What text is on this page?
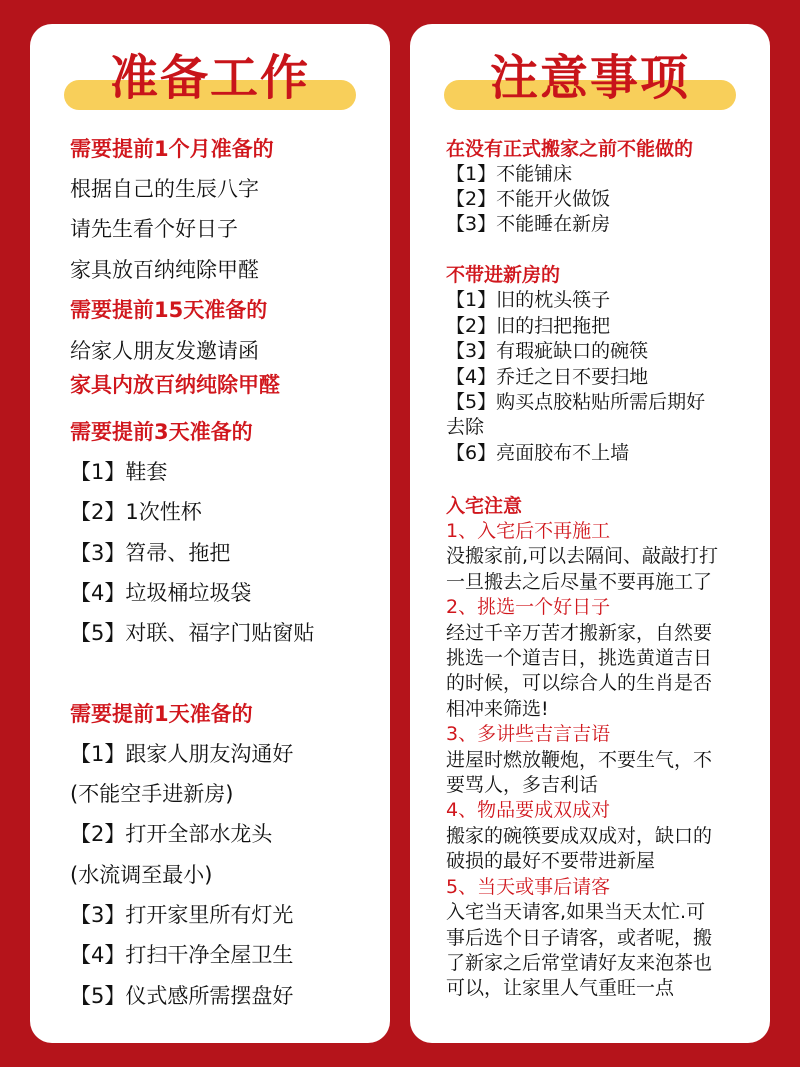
准备工作
需要提前1个月准备的
根据自己的生辰八字
请先生看个好日子
家具放百纳纯除甲醛
需要提前15天准备的
给家人朋友发邀请函
家具内放百纳纯除甲醛
需要提前3天准备的
【1】鞋套
【2】1次性杯
【3】笤帚、拖把
【4】垃圾桶垃圾袋
【5】对联、福字门贴窗贴
需要提前1天准备的
【1】跟家人朋友沟通好
(不能空手进新房)
【2】打开全部水龙头
(水流调至最小)
【3】打开家里所有灯光
【4】打扫干净全屋卫生
【5】仪式感所需摆盘好
注意事项
在没有正式搬家之前不能做的
【1】不能铺床
【2】不能开火做饭
【3】不能睡在新房
不带进新房的
【1】旧的枕头筷子
【2】旧的扫把拖把
【3】有瑕疵缺口的碗筷
【4】乔迁之日不要扫地
【5】购买点胶粘贴所需后期好
去除
【6】亮面胶布不上墙
入宅注意
1、入宅后不再施工
没搬家前,可以去隔间、敲敲打打
一旦搬去之后尽量不要再施工了
2、挑选一个好日子
经过千辛万苦才搬新家，自然要
挑选一个道吉日，挑选黄道吉日
的时候，可以综合人的生肖是否
相冲来筛选!
3、多讲些吉言吉语
进屋时燃放鞭炮，不要生气，不
要骂人，多吉利话
4、物品要成双成对
搬家的碗筷要成双成对，缺口的
破损的最好不要带进新屋
5、当天或事后请客
入宅当天请客,如果当天太忙.可
事后选个日子请客，或者呢，搬
了新家之后常堂请好友来泡茶也
可以，让家里人气重旺一点
